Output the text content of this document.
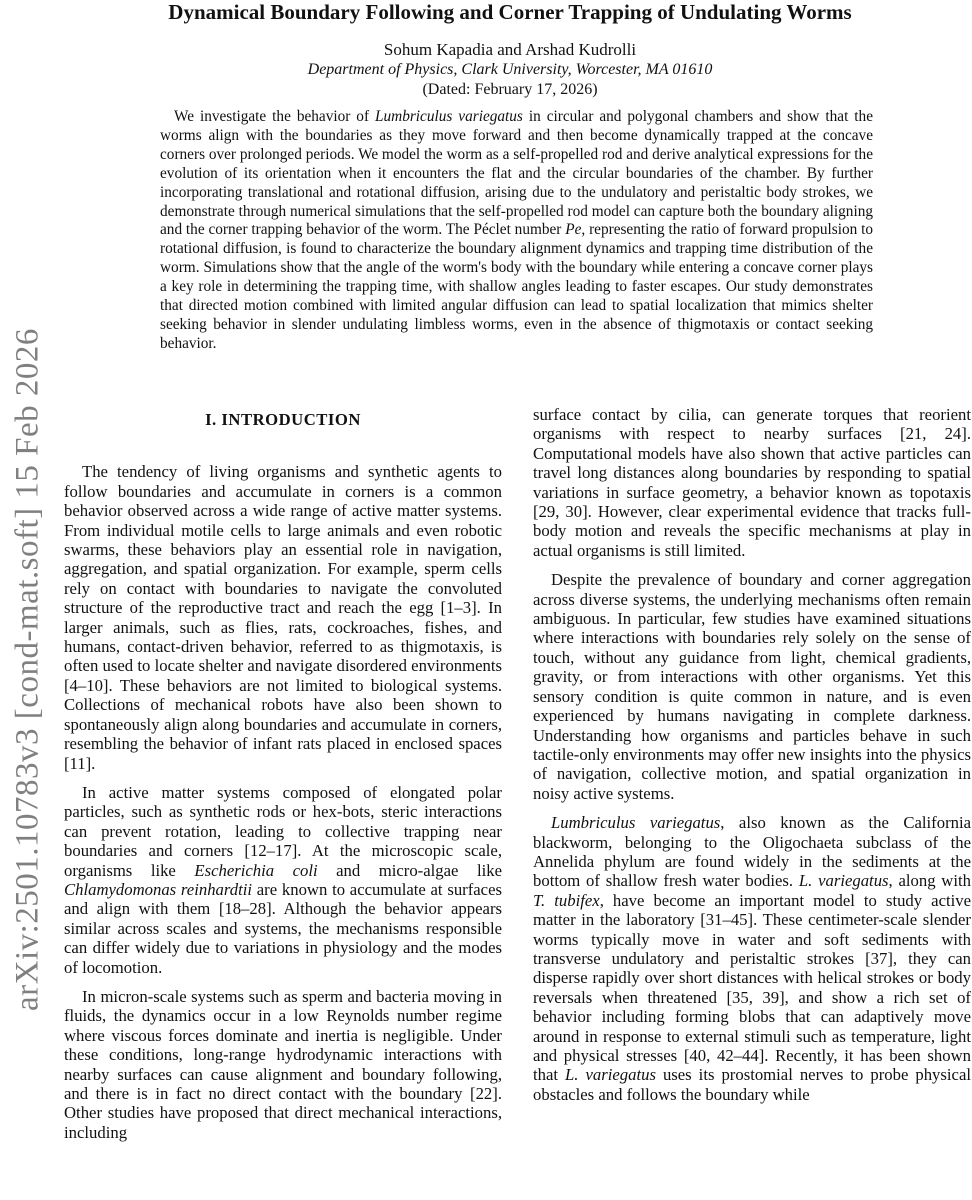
arXiv:2501.10783v3 [cond-mat.soft] 15 Feb 2026
Dynamical Boundary Following and Corner Trapping of Undulating Worms
Sohum Kapadia and Arshad Kudrolli
Department of Physics, Clark University, Worcester, MA 01610
(Dated: February 17, 2026)

We investigate the behavior of Lumbriculus variegatus in circular and polygonal chambers and show that the worms align with the boundaries as they move forward and then become dynamically trapped at the concave corners over prolonged periods. We model the worm as a self-propelled rod and derive analytical expressions for the evolution of its orientation when it encounters the flat and the circular boundaries of the chamber. By further incorporating translational and rotational diffusion, arising due to the undulatory and peristaltic body strokes, we demonstrate through numerical simulations that the self-propelled rod model can capture both the boundary aligning and the corner trapping behavior of the worm. The Péclet number Pe, representing the ratio of forward propulsion to rotational diffusion, is found to characterize the boundary alignment dynamics and trapping time distribution of the worm. Simulations show that the angle of the worm's body with the boundary while entering a concave corner plays a key role in determining the trapping time, with shallow angles leading to faster escapes. Our study demonstrates that directed motion combined with limited angular diffusion can lead to spatial localization that mimics shelter seeking behavior in slender undulating limbless worms, even in the absence of thigmotaxis or contact seeking behavior.

I. INTRODUCTION

The tendency of living organisms and synthetic agents to follow boundaries and accumulate in corners is a common behavior observed across a wide range of active matter systems. From individual motile cells to large animals and even robotic swarms, these behaviors play an essential role in navigation, aggregation, and spatial organization. For example, sperm cells rely on contact with boundaries to navigate the convoluted structure of the reproductive tract and reach the egg [1–3]. In larger animals, such as flies, rats, cockroaches, fishes, and humans, contact-driven behavior, referred to as thigmotaxis, is often used to locate shelter and navigate disordered environments [4–10]. These behaviors are not limited to biological systems. Collections of mechanical robots have also been shown to spontaneously align along boundaries and accumulate in corners, resembling the behavior of infant rats placed in enclosed spaces [11].

In active matter systems composed of elongated polar particles, such as synthetic rods or hex-bots, steric interactions can prevent rotation, leading to collective trapping near boundaries and corners [12–17]. At the microscopic scale, organisms like Escherichia coli and micro-algae like Chlamydomonas reinhardtii are known to accumulate at surfaces and align with them [18–28]. Although the behavior appears similar across scales and systems, the mechanisms responsible can differ widely due to variations in physiology and the modes of locomotion.

In micron-scale systems such as sperm and bacteria moving in fluids, the dynamics occur in a low Reynolds number regime where viscous forces dominate and inertia is negligible. Under these conditions, long-range hydrodynamic interactions with nearby surfaces can cause alignment and boundary following, and there is in fact no direct contact with the boundary [22]. Other studies have proposed that direct mechanical interactions, including

surface contact by cilia, can generate torques that reorient organisms with respect to nearby surfaces [21, 24]. Computational models have also shown that active particles can travel long distances along boundaries by responding to spatial variations in surface geometry, a behavior known as topotaxis [29, 30]. However, clear experimental evidence that tracks full-body motion and reveals the specific mechanisms at play in actual organisms is still limited.

Despite the prevalence of boundary and corner aggregation across diverse systems, the underlying mechanisms often remain ambiguous. In particular, few studies have examined situations where interactions with boundaries rely solely on the sense of touch, without any guidance from light, chemical gradients, gravity, or from interactions with other organisms. Yet this sensory condition is quite common in nature, and is even experienced by humans navigating in complete darkness. Understanding how organisms and particles behave in such tactile-only environments may offer new insights into the physics of navigation, collective motion, and spatial organization in noisy active systems.

Lumbriculus variegatus, also known as the California blackworm, belonging to the Oligochaeta subclass of the Annelida phylum are found widely in the sediments at the bottom of shallow fresh water bodies. L. variegatus, along with T. tubifex, have become an important model to study active matter in the laboratory [31–45]. These centimeter-scale slender worms typically move in water and soft sediments with transverse undulatory and peristaltic strokes [37], they can disperse rapidly over short distances with helical strokes or body reversals when threatened [35, 39], and show a rich set of behavior including forming blobs that can adaptively move around in response to external stimuli such as temperature, light and physical stresses [40, 42–44]. Recently, it has been shown that L. variegatus uses its prostomial nerves to probe physical obstacles and follows the boundary while
